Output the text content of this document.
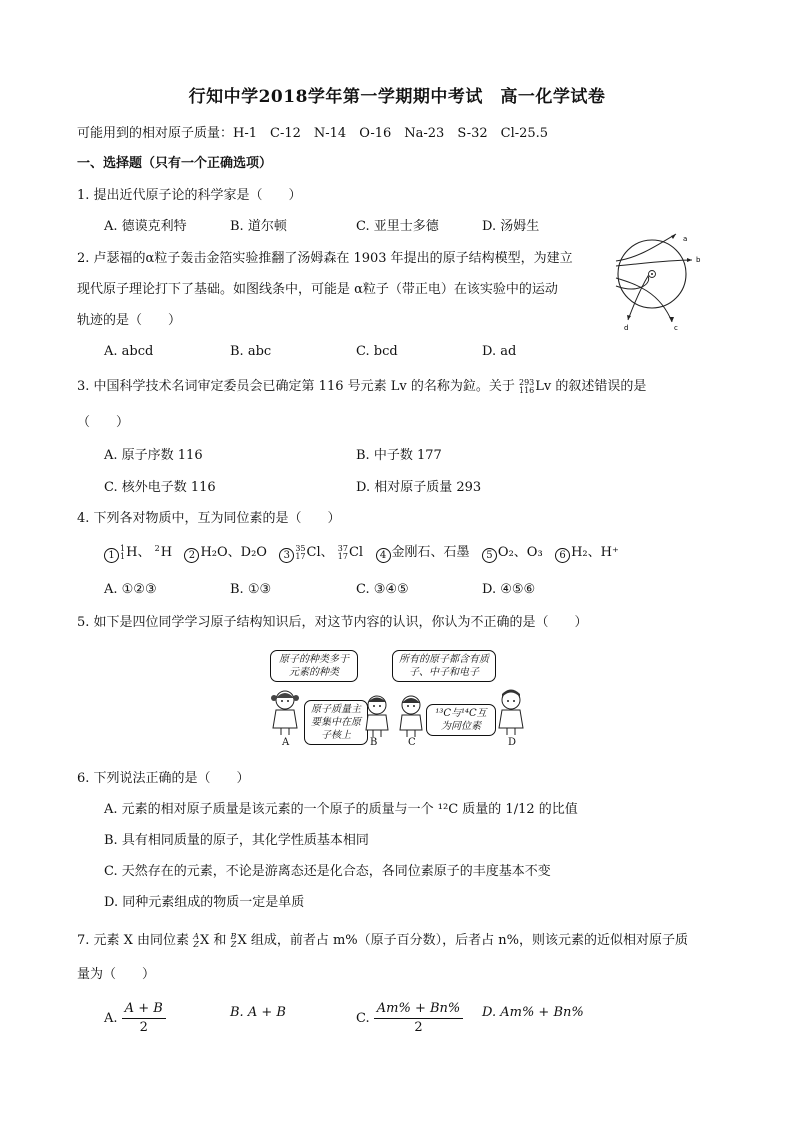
行知中学2018学年第一学期期中考试　高一化学试卷
可能用到的相对原子质量：H-1　C-12　N-14　O-16　Na-23　S-32　Cl-25.5
一、选择题（只有一个正确选项）
1. 提出近代原子论的科学家是（　　）
A. 德谟克利特	B. 道尔顿	C. 亚里士多德	D. 汤姆生
2. 卢瑟福的α粒子轰击金箔实验推翻了汤姆森在 1903 年提出的原子结构模型，为建立
现代原子理论打下了基础。如图线条中，可能是 α粒子（带正电）在该实验中的运动
轨迹的是（　　）
a
b
c
d
A. abcd	B. abc	C. bcd	D. ad
3. 中国科学技术名词审定委员会已确定第 116 号元素 Lv 的名称为鉝。关于 293
116 Lv 的叙述错误的是
（　　）
A. 原子序数 116	B. 中子数 177
C. 核外电子数 116	D. 相对原子质量 293
4. 下列各对物质中，互为同位素的是（　　）
1
1
1 H、 2
H 2 H₂O、D₂O 3
35
17 Cl、 37
17 Cl 4 金刚石、石墨 5 O₂、O₃ 6 H₂、H⁺
A. ①②③	B. ①③	C. ③④⑤	D. ④⑤⑥
5. 如下是四位同学学习原子结构知识后，对这节内容的认识，你认为不正确的是（　　）
原子的种类多于元素的种类
所有的原子都含有质子、中子和电子
原子质量主要集中在原子核上
¹³C与¹⁴C互为同位素
A	B	C	D
6. 下列说法正确的是（　　）
A. 元素的相对原子质量是该元素的一个原子的质量与一个 ¹²C 质量的 1/12 的比值
B. 具有相同质量的原子，其化学性质基本相同
C. 天然存在的元素，不论是游离态还是化合态，各同位素原子的丰度基本不变
D. 同种元素组成的物质一定是单质
7. 元素 X 由同位素 A
Z X 和 B
Z X 组成，前者占 m%（原子百分数），后者占 n%，则该元素的近似相对原子质
量为（　　）
A. $\frac{A + B}{2}$	B. A + B	C. $\frac{Am\% + Bn\%}{2} D$. Am% + Bn%
